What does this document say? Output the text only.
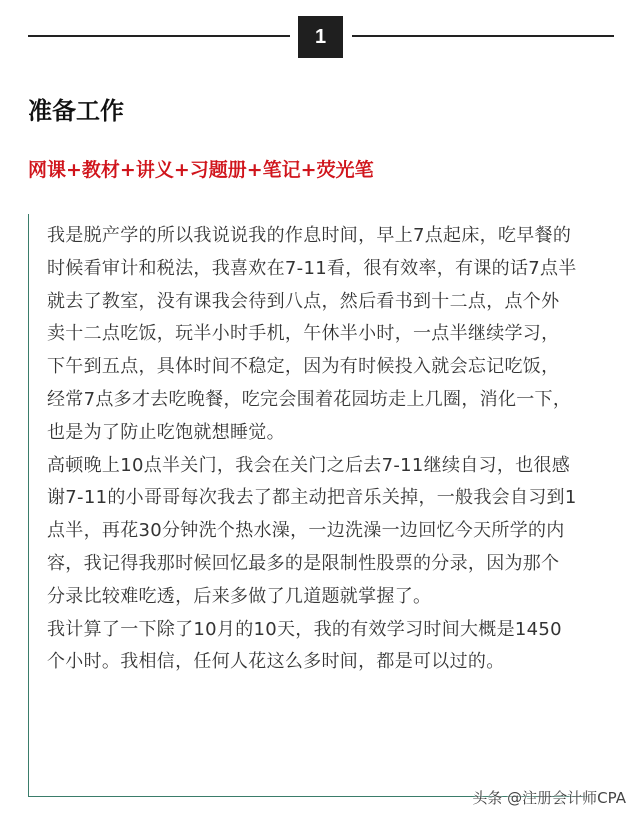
1
准备工作
网课+教材+讲义+习题册+笔记+荧光笔

我是脱产学的所以我说说我的作息时间，早上7点起床，吃早餐的时候看审计和税法，我喜欢在7-11看，很有效率，有课的话7点半就去了教室，没有课我会待到八点，然后看书到十二点，点个外卖十二点吃饭，玩半小时手机，午休半小时，一点半继续学习，下午到五点，具体时间不稳定，因为有时候投入就会忘记吃饭，经常7点多才去吃晚餐，吃完会围着花园坊走上几圈，消化一下，也是为了防止吃饱就想睡觉。

高顿晚上10点半关门，我会在关门之后去7-11继续自习，也很感谢7-11的小哥哥每次我去了都主动把音乐关掉，一般我会自习到1点半，再花30分钟洗个热水澡，一边洗澡一边回忆今天所学的内容，我记得我那时候回忆最多的是限制性股票的分录，因为那个分录比较难吃透，后来多做了几道题就掌握了。

我计算了一下除了10月的10天，我的有效学习时间大概是1450个小时。我相信，任何人花这么多时间，都是可以过的。

头条 @注册会计师CPA
